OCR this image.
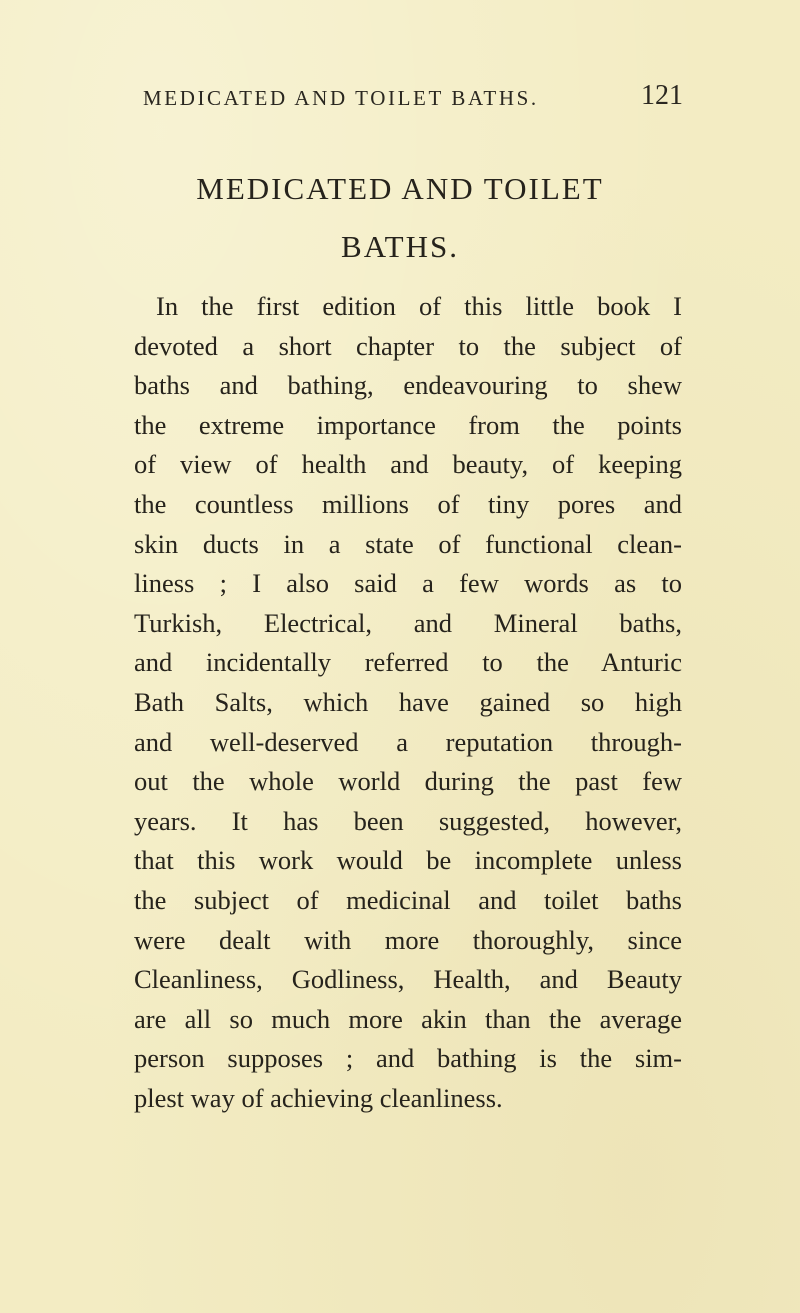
MEDICATED AND TOILET BATHS.	121
MEDICATED AND TOILET
BATHS.
In the first edition of this little book I
devoted a short chapter to the subject of
baths and bathing, endeavouring to shew
the extreme importance from the points
of view of health and beauty, of keeping
the countless millions of tiny pores and
skin ducts in a state of functional clean-
liness ; I also said a few words as to
Turkish, Electrical, and Mineral baths,
and incidentally referred to the Anturic
Bath Salts, which have gained so high
and well-deserved a reputation through-
out the whole world during the past few
years. It has been suggested, however,
that this work would be incomplete unless
the subject of medicinal and toilet baths
were dealt with more thoroughly, since
Cleanliness, Godliness, Health, and Beauty
are all so much more akin than the average
person supposes ; and bathing is the sim-
plest way of achieving cleanliness.
